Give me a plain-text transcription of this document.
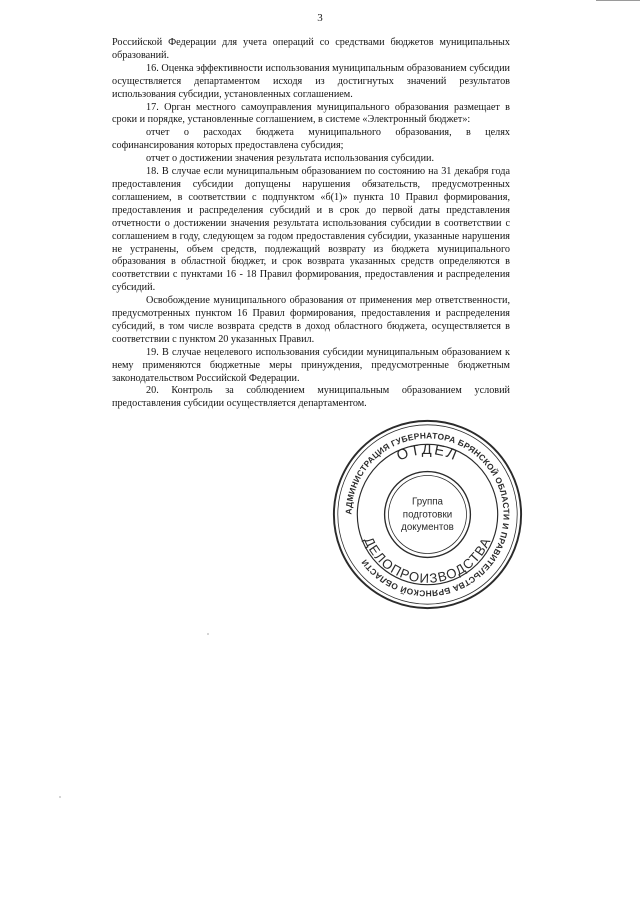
3

Российской Федерации для учета операций со средствами бюджетов муниципальных образований.

16. Оценка эффективности использования муниципальным образованием субсидии осуществляется департаментом исходя из достигнутых значений результатов использования субсидии, установленных соглашением.

17. Орган местного самоуправления муниципального образования размещает в сроки и порядке, установленные соглашением, в системе «Электронный бюджет»:

отчет о расходах бюджета муниципального образования, в целях софинансирования которых предоставлена субсидия;

отчет о достижении значения результата использования субсидии.

18. В случае если муниципальным образованием по состоянию на 31 декабря года предоставления субсидии допущены нарушения обязательств, предусмотренных соглашением, в соответствии с подпунктом «б(1)» пункта 10 Правил формирования, предоставления и распределения субсидий и в срок до первой даты представления отчетности о достижении значения результата использования субсидии в соответствии с соглашением в году, следующем за годом предоставления субсидии, указанные нарушения не устранены, объем средств, подлежащий возврату из бюджета муниципального образования в областной бюджет, и срок возврата указанных средств определяются в соответствии с пунктами 16 - 18 Правил формирования, предоставления и распределения субсидий.

Освобождение муниципального образования от применения мер ответственности, предусмотренных пунктом 16 Правил формирования, предоставления и распределения субсидий, в том числе возврата средств в доход областного бюджета, осуществляется в соответствии с пунктом 20 указанных Правил.

19. В случае нецелевого использования субсидии муниципальным образованием к нему применяются бюджетные меры принуждения, предусмотренные бюджетным законодательством Российской Федерации.

20. Контроль за соблюдением муниципальным образованием условий предоставления субсидии осуществляется департаментом.

АДМИНИСТРАЦИЯ ГУБЕРНАТОРА БРЯНСКОЙ ОБЛАСТИ И ПРАВИТЕЛЬСТВА БРЯНСКОЙ ОБЛАСТИ
ОТДЕЛ
ДЕЛОПРОИЗВОДСТВА
Группа
подготовки
документов
